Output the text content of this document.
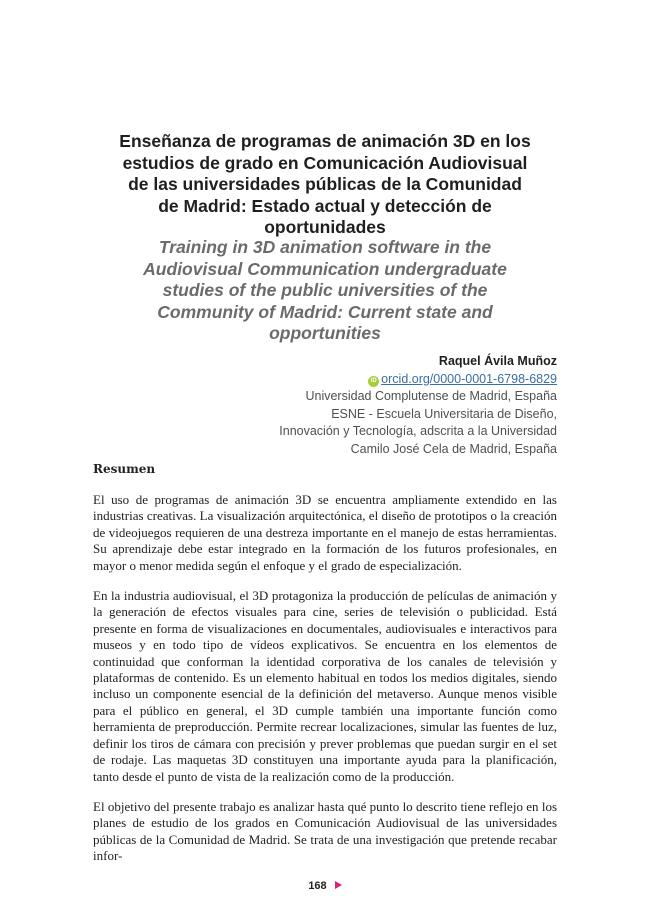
Enseñanza de programas de animación 3D en los
estudios de grado en Comunicación Audiovisual
de las universidades públicas de la Comunidad
de Madrid: Estado actual y detección de
oportunidades
Training in 3D animation software in the
Audiovisual Communication undergraduate
studies of the public universities of the
Community of Madrid: Current state and
opportunities
Raquel Ávila Muñoz
iD orcid.org/0000-0001-6798-6829
Universidad Complutense de Madrid, España
ESNE - Escuela Universitaria de Diseño,
Innovación y Tecnología, adscrita a la Universidad
Camilo José Cela de Madrid, España
Resumen

El uso de programas de animación 3D se encuentra ampliamente extendido en las industrias creativas. La visualización arquitectónica, el diseño de prototipos o la creación de videojuegos requieren de una destreza importante en el manejo de estas herramientas. Su aprendizaje debe estar integrado en la formación de los futuros profesionales, en mayor o menor medida según el enfoque y el grado de especialización.

En la industria audiovisual, el 3D protagoniza la producción de películas de animación y la generación de efectos visuales para cine, series de televisión o publicidad. Está presente en forma de visualizaciones en documentales, audiovisuales e interactivos para museos y en todo tipo de vídeos explicativos. Se encuentra en los elementos de continuidad que conforman la identidad corporativa de los canales de televisión y plataformas de contenido. Es un elemento habitual en todos los medios digitales, siendo incluso un componente esencial de la definición del metaverso. Aunque menos visible para el público en general, el 3D cumple también una importante función como herramienta de preproducción. Permite recrear localizaciones, simular las fuentes de luz, definir los tiros de cámara con precisión y prever problemas que puedan surgir en el set de rodaje. Las maquetas 3D constituyen una importante ayuda para la planificación, tanto desde el punto de vista de la realización como de la producción.

El objetivo del presente trabajo es analizar hasta qué punto lo descrito tiene reflejo en los planes de estudio de los grados en Comunicación Audiovisual de las universidades públicas de la Comunidad de Madrid. Se trata de una investigación que pretende recabar infor-

168
